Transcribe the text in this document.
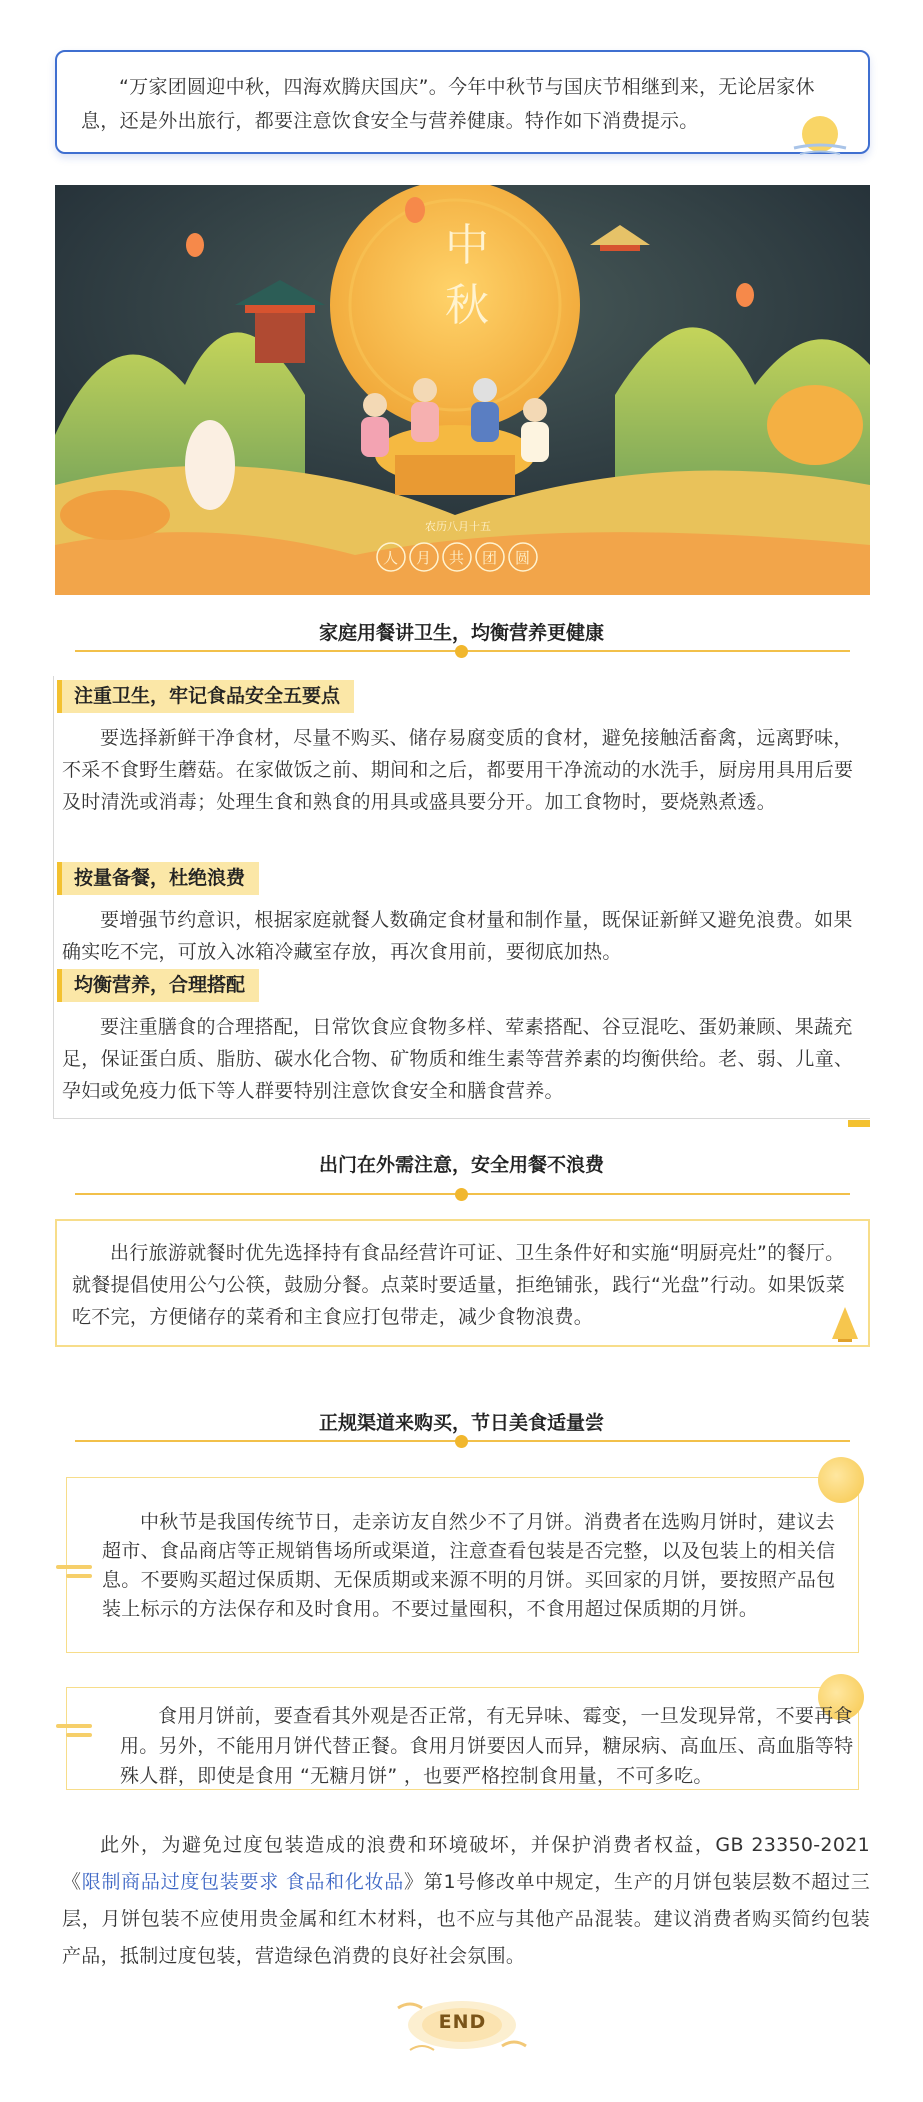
“万家团圆迎中秋，四海欢腾庆国庆”。今年中秋节与国庆节相继到来，无论居家休息，还是外出旅行，都要注意饮食安全与营养健康。特作如下消费提示。

中
秋
农历八月十五
人 月 共 团 圆
家庭用餐讲卫生，均衡营养更健康
注重卫生，牢记食品安全五要点

要选择新鲜干净食材，尽量不购买、储存易腐变质的食材，避免接触活畜禽，远离野味，不采不食野生蘑菇。在家做饭之前、期间和之后，都要用干净流动的水洗手，厨房用具用后要及时清洗或消毒；处理生食和熟食的用具或盛具要分开。加工食物时，要烧熟煮透。

按量备餐，杜绝浪费

要增强节约意识，根据家庭就餐人数确定食材量和制作量，既保证新鲜又避免浪费。如果确实吃不完，可放入冰箱冷藏室存放，再次食用前，要彻底加热。

均衡营养，合理搭配

要注重膳食的合理搭配，日常饮食应食物多样、荤素搭配、谷豆混吃、蛋奶兼顾、果蔬充足，保证蛋白质、脂肪、碳水化合物、矿物质和维生素等营养素的均衡供给。老、弱、儿童、孕妇或免疫力低下等人群要特别注意饮食安全和膳食营养。

出门在外需注意，安全用餐不浪费

出行旅游就餐时优先选择持有食品经营许可证、卫生条件好和实施“明厨亮灶”的餐厅。就餐提倡使用公勺公筷，鼓励分餐。点菜时要适量，拒绝铺张，践行“光盘”行动。如果饭菜吃不完，方便储存的菜肴和主食应打包带走，减少食物浪费。

正规渠道来购买，节日美食适量尝

中秋节是我国传统节日，走亲访友自然少不了月饼。消费者在选购月饼时，建议去超市、食品商店等正规销售场所或渠道，注意查看包装是否完整，以及包装上的相关信息。不要购买超过保质期、无保质期或来源不明的月饼。买回家的月饼，要按照产品包装上标示的方法保存和及时食用。不要过量囤积，不食用超过保质期的月饼。

食用月饼前，要查看其外观是否正常，有无异味、霉变，一旦发现异常，不要再食用。另外，不能用月饼代替正餐。食用月饼要因人而异，糖尿病、高血压、高血脂等特殊人群，即使是食用 “无糖月饼” ，也要严格控制食用量，不可多吃。

此外，为避免过度包装造成的浪费和环境破坏，并保护消费者权益，GB 23350-2021《限制商品过度包装要求 食品和化妆品》第1号修改单中规定，生产的月饼包装层数不超过三层，月饼包装不应使用贵金属和红木材料，也不应与其他产品混装。建议消费者购买简约包装产品，抵制过度包装，营造绿色消费的良好社会氛围。

END
